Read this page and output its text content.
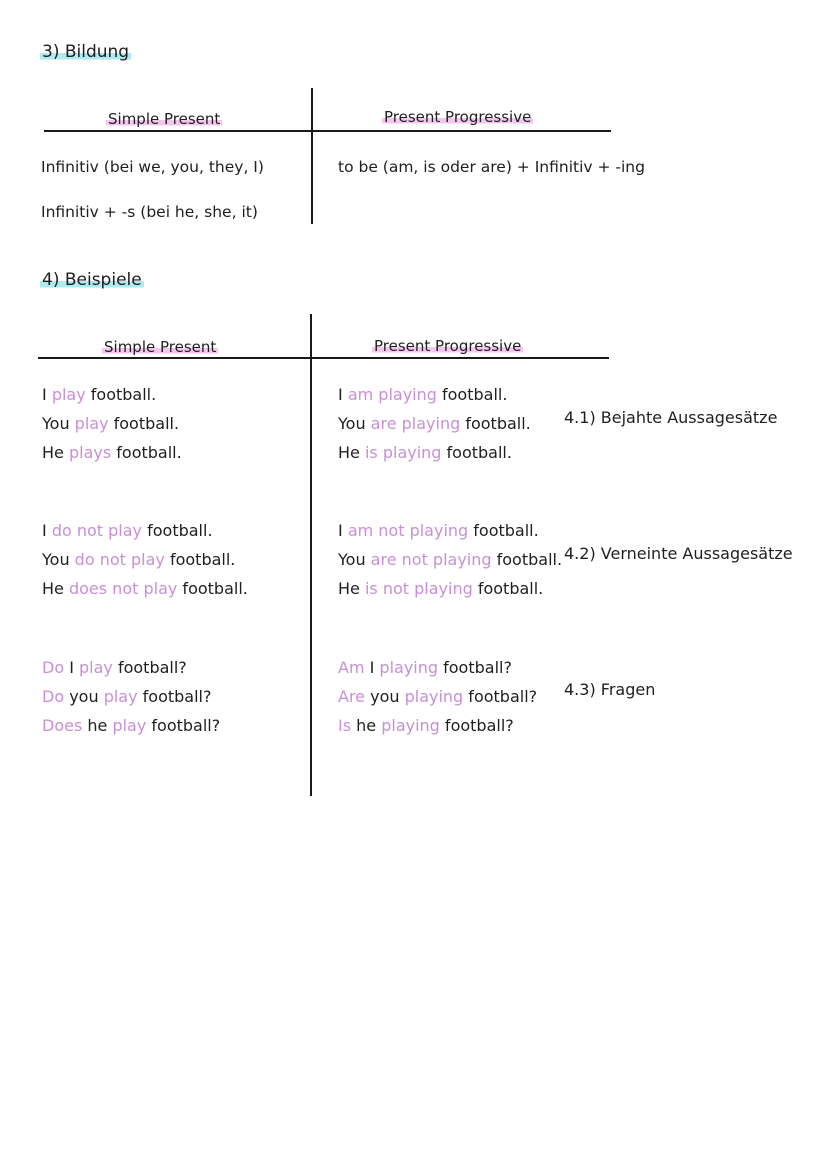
3) Bildung
Simple Present	Present Progressive
Infinitiv (bei we, you, they, I)
Infinitiv + -s (bei he, she, it)
to be (am, is oder are) + Infinitiv + -ing
4) Beispiele
Simple Present	Present Progressive
I play football.
You play football.
He plays football.
I am playing football.
You are playing football.
He is playing football.
4.1) Bejahte Aussagesätze
I do not play football.
You do not play football.
He does not play football.
I am not playing football.
You are not playing football.
He is not playing football.
4.2) Verneinte Aussagesätze
Do I play football?
Do you play football?
Does he play football?
Am I playing football?
Are you playing football?
Is he playing football?
4.3) Fragen
